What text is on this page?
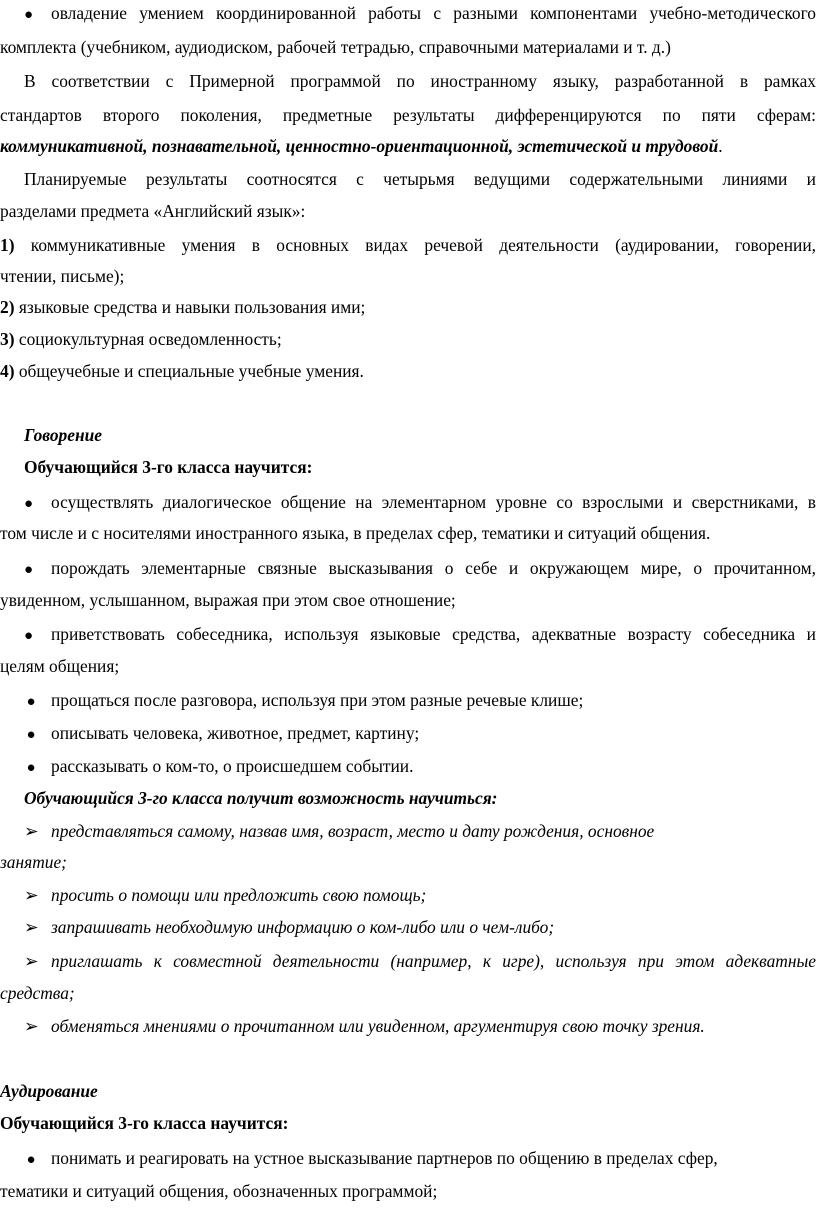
● овладение умением координированной работы с разными компонентами учебно-методического
комплекта (учебником, аудиодиском, рабочей тетрадью, справочными материалами и т. д.)
В соответствии с Примерной программой по иностранному языку, разработанной в рамках
стандартов второго поколения, предметные результаты дифференцируются по пяти сферам:
коммуникативной, познавательной, ценностно-ориентационной, эстетической и трудовой.
Планируемые результаты соотносятся с четырьмя ведущими содержательными линиями и
разделами предмета «Английский язык»:
1) коммуникативные умения в основных видах речевой деятельности (аудировании, говорении,
чтении, письме);
2) языковые средства и навыки пользования ими;
3) социокультурная осведомленность;
4) общеучебные и специальные учебные умения.
Говорение
Обучающийся 3-го класса научится:
● осуществлять диалогическое общение на элементарном уровне со взрослыми и сверстниками, в
том числе и с носителями иностранного языка, в пределах сфер, тематики и ситуаций общения.
● порождать элементарные связные высказывания о себе и окружающем мире, о прочитанном,
увиденном, услышанном, выражая при этом свое отношение;
● приветствовать собеседника, используя языковые средства, адекватные возрасту собеседника и
целям общения;
● прощаться после разговора, используя при этом разные речевые клише;
● описывать человека, животное, предмет, картину;
● рассказывать о ком-то, о происшедшем событии.
Обучающийся 3-го класса получит возможность научиться:
➢ представляться самому, назвав имя, возраст, место и дату рождения, основное
занятие;
➢ просить о помощи или предложить свою помощь;
➢ запрашивать необходимую информацию о ком-либо или о чем-либо;
➢ приглашать к совместной деятельности (например, к игре), используя при этом адекватные
средства;
➢ обменяться мнениями о прочитанном или увиденном, аргументируя свою точку зрения.
Аудирование
Обучающийся 3-го класса научится:
● понимать и реагировать на устное высказывание партнеров по общению в пределах сфер,
тематики и ситуаций общения, обозначенных программой;
